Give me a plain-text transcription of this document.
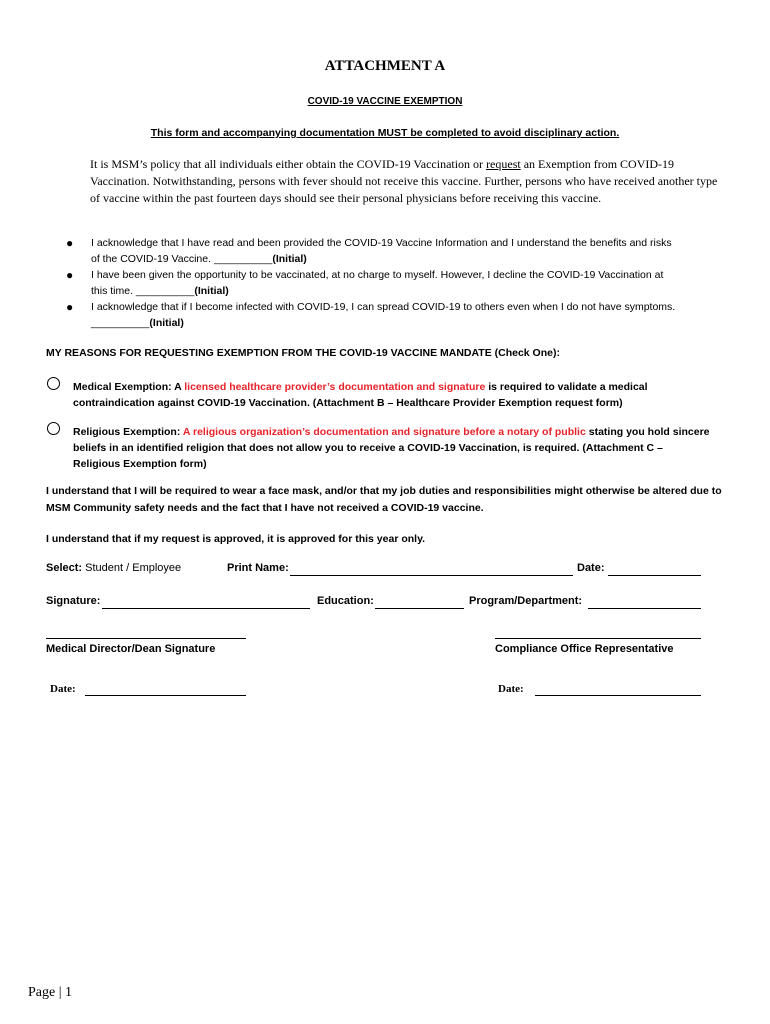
ATTACHMENT A
COVID-19 VACCINE EXEMPTION
This form and accompanying documentation MUST be completed to avoid disciplinary action.
It is MSM’s policy that all individuals either obtain the COVID-19 Vaccination or request an Exemption from COVID-19 Vaccination. Notwithstanding, persons with fever should not receive this vaccine. Further, persons who have received another type of vaccine within the past fourteen days should see their personal physicians before receiving this vaccine.
● I acknowledge that I have read and been provided the COVID-19 Vaccine Information and I understand the benefits and risks
of the COVID-19 Vaccine. __________(Initial)
● I have been given the opportunity to be vaccinated, at no charge to myself. However, I decline the COVID-19 Vaccination at
this time. __________(Initial)
● I acknowledge that if I become infected with COVID-19, I can spread COVID-19 to others even when I do not have symptoms.
__________(Initial)
MY REASONS FOR REQUESTING EXEMPTION FROM THE COVID-19 VACCINE MANDATE (Check One):
Medical Exemption: A licensed healthcare provider’s documentation and signature is required to validate a medical
contraindication against COVID-19 Vaccination. (Attachment B – Healthcare Provider Exemption request form)
Religious Exemption: A religious organization’s documentation and signature before a notary of public stating you hold sincere
beliefs in an identified religion that does not allow you to receive a COVID-19 Vaccination, is required. (Attachment C –
Religious Exemption form)
I understand that I will be required to wear a face mask, and/or that my job duties and responsibilities might otherwise be altered due to MSM Community safety needs and the fact that I have not received a COVID-19 vaccine.
I understand that if my request is approved, it is approved for this year only.
Select: Student / Employee	Print Name:	Date:
Signature:	Education:	Program/Department:
Medical Director/Dean Signature	Compliance Office Representative
Date:	Date:
Page | 1
